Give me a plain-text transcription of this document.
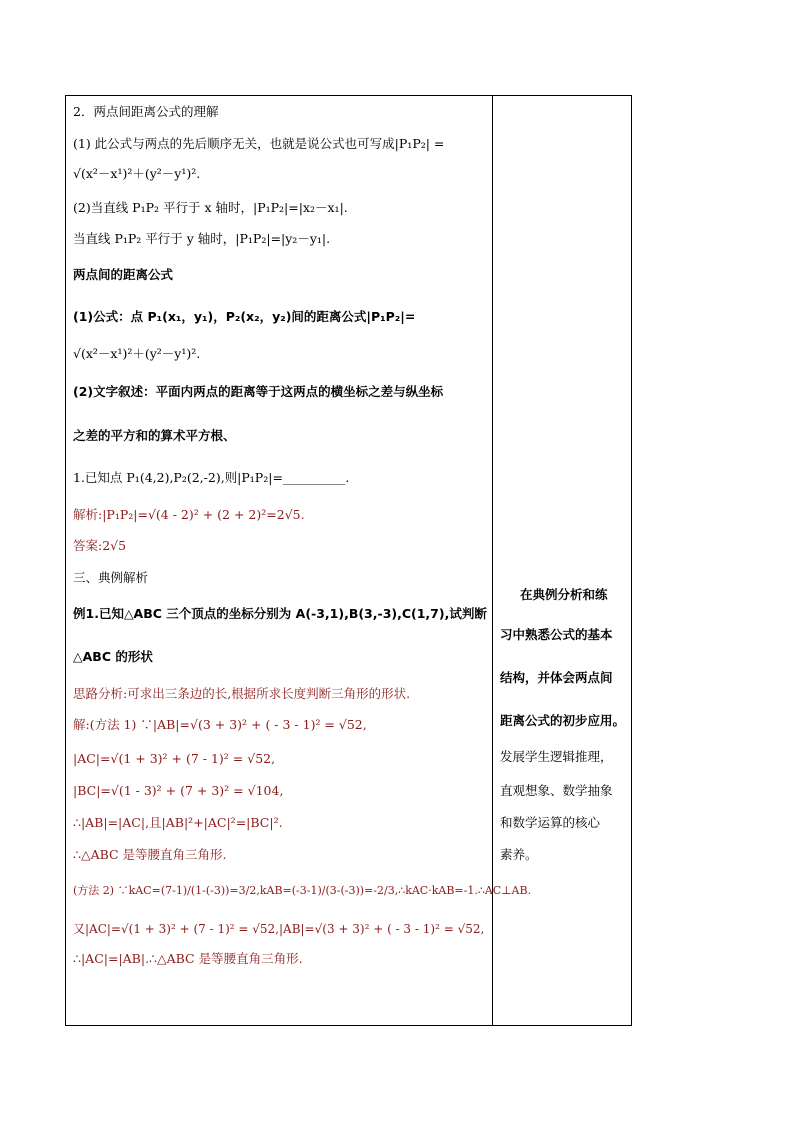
2．两点间距离公式的理解
(1) 此公式与两点的先后顺序无关，也就是说公式也可写成|P₁P₂| =
√(x²－x¹)²＋(y²－y¹)².
(2)当直线 P₁P₂ 平行于 x 轴时，|P₁P₂|=|x₂－x₁|.
当直线 P₁P₂ 平行于 y 轴时，|P₁P₂|=|y₂－y₁|.
两点间的距离公式
(1)公式：点 P₁(x₁，y₁)，P₂(x₂，y₂)间的距离公式|P₁P₂|=
√(x²－x¹)²＋(y²－y¹)².
(2)文字叙述：平面内两点的距离等于这两点的横坐标之差与纵坐标
之差的平方和的算术平方根、
1.已知点 P₁(4,2),P₂(2,-2),则|P₁P₂|=__________.
解析:|P₁P₂|=√(4 - 2)² + (2 + 2)²=2√5.
答案:2√5
三、典例解析
例1.已知△ABC 三个顶点的坐标分别为 A(-3,1),B(3,-3),C(1,7),试判断
△ABC 的形状
思路分析:可求出三条边的长,根据所求长度判断三角形的形状.
解:(方法 1) ∵|AB|=√(3 + 3)² + ( - 3 - 1)² = √52,
|AC|=√(1 + 3)² + (7 - 1)² = √52,
|BC|=√(1 - 3)² + (7 + 3)² = √104,
∴|AB|=|AC|,且|AB|²+|AC|²=|BC|².
∴△ABC 是等腰直角三角形.
(方法 2) ∵kAC=(7-1)/(1-(-3))=3/2,kAB=(-3-1)/(3-(-3))=-2/3,∴kAC·kAB=-1.∴AC⊥AB.
又|AC|=√(1 + 3)² + (7 - 1)² = √52,|AB|=√(3 + 3)² + ( - 3 - 1)² = √52,
∴|AC|=|AB|.∴△ABC 是等腰直角三角形.
在典例分析和练
习中熟悉公式的基本
结构，并体会两点间
距离公式的初步应用。
发展学生逻辑推理，
直观想象、数学抽象
和数学运算的核心
素养。
